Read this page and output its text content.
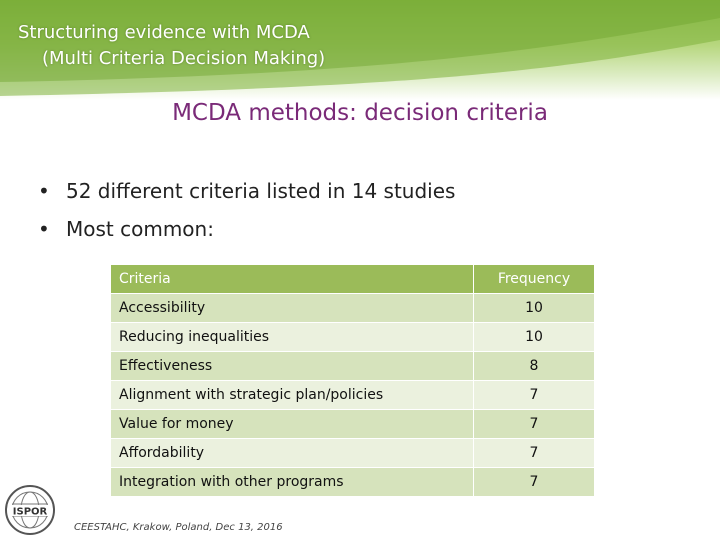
Structuring evidence with MCDA
(Multi Criteria Decision Making)
MCDA methods: decision criteria
• 52 different criteria listed in 14 studies
• Most common:
Criteria	Frequency
Accessibility	10
Reducing inequalities	10
Effectiveness	8
Alignment with strategic plan/policies	7
Value for money	7
Affordability	7
Integration with other programs	7
ISPOR
CEESTAHC, Krakow, Poland, Dec 13, 2016
